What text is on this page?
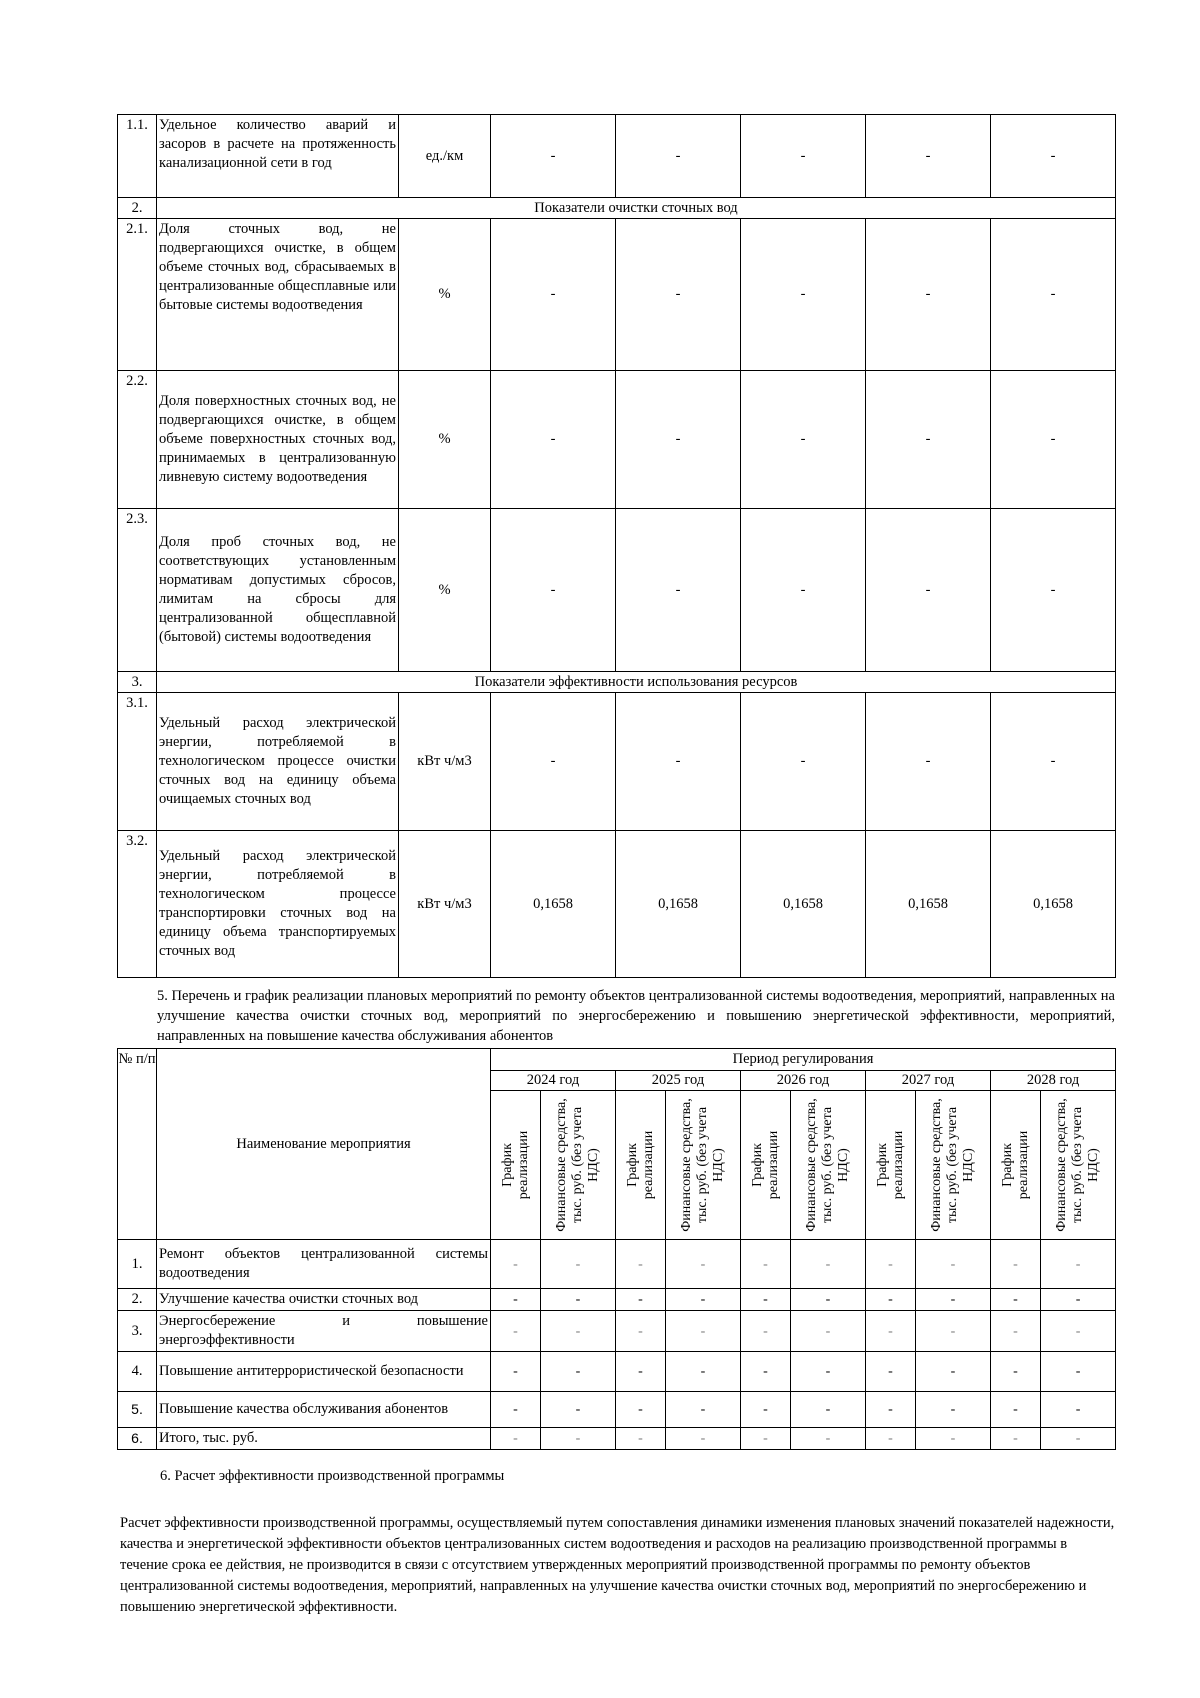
1.1.	Удельное количество аварий и засоров в расчете на протяженность канализационной сети в год	ед./км	-	-	-	-	-
2.	Показатели очистки сточных вод						
2.1.	Доля сточных вод, не подвергающихся очистке, в общем объеме сточных вод, сбрасываемых в централизованные общесплавные или бытовые системы водоотведения	%	-	-	-	-	-
2.2.	Доля поверхностных сточных вод, не подвергающихся очистке, в общем объеме поверхностных сточных вод, принимаемых в централизованную ливневую систему водоотведения	%	-	-	-	-	-
2.3.	Доля проб сточных вод, не соответствующих установленным нормативам допустимых сбросов, лимитам на сбросы для централизованной общесплавной (бытовой) системы водоотведения	%	-	-	-	-	-
3.	Показатели эффективности использования ресурсов						
3.1.	Удельный расход электрической энергии, потребляемой в технологическом процессе очистки сточных вод на единицу объема очищаемых сточных вод	кВт ч/м3	-	-	-	-	-
3.2.	Удельный расход электрической энергии, потребляемой в технологическом процессе транспортировки сточных вод на единицу объема транспортируемых сточных вод	кВт ч/м3	0,1658	0,1658	0,1658	0,1658	0,1658

5. Перечень и график реализации плановых мероприятий по ремонту объектов централизованной системы водоотведения, мероприятий, направленных на улучшение качества очистки сточных вод, мероприятий по энергосбережению и повышению энергетической эффективности, мероприятий, направленных на повышение качества обслуживания абонентов

№ п/п	Наименование мероприятия	Период регулирования									
		2024 год		2025 год		2026 год		2027 год		2028 год	

		График реализации	Финансовые средства, тыс. руб. (без учета НДС)	График реализации	Финансовые средства, тыс. руб. (без учета НДС)	График реализации	Финансовые средства, тыс. руб. (без учета НДС)	График реализации	Финансовые средства, тыс. руб. (без учета НДС)	График реализации	Финансовые средства, тыс. руб. (без учета НДС)

1.	Ремонт объектов централизованной системы водоотведения	-	-	-	-	-	-	-	-	-	-
2.	Улучшение качества очистки сточных вод	-	-	-	-	-	-	-	-	-	-
3.	Энергосбережение и повышение энергоэффективности	-	-	-	-	-	-	-	-	-	-
4.	Повышение антитеррористической безопасности	-	-	-	-	-	-	-	-	-	-
5.	Повышение качества обслуживания абонентов	-	-	-	-	-	-	-	-	-	-
6.	Итого, тыс. руб.	-	-	-	-	-	-	-	-	-	-

6. Расчет эффективности производственной программы

Расчет эффективности производственной программы, осуществляемый путем сопоставления динамики изменения плановых значений показателей надежности, качества и энергетической эффективности объектов централизованных систем водоотведения и расходов на реализацию производственной программы в течение срока ее действия, не производится в связи с отсутствием утвержденных мероприятий производственной программы по ремонту объектов централизованной системы водоотведения, мероприятий, направленных на улучшение качества очистки сточных вод, мероприятий по энергосбережению и повышению энергетической эффективности.
